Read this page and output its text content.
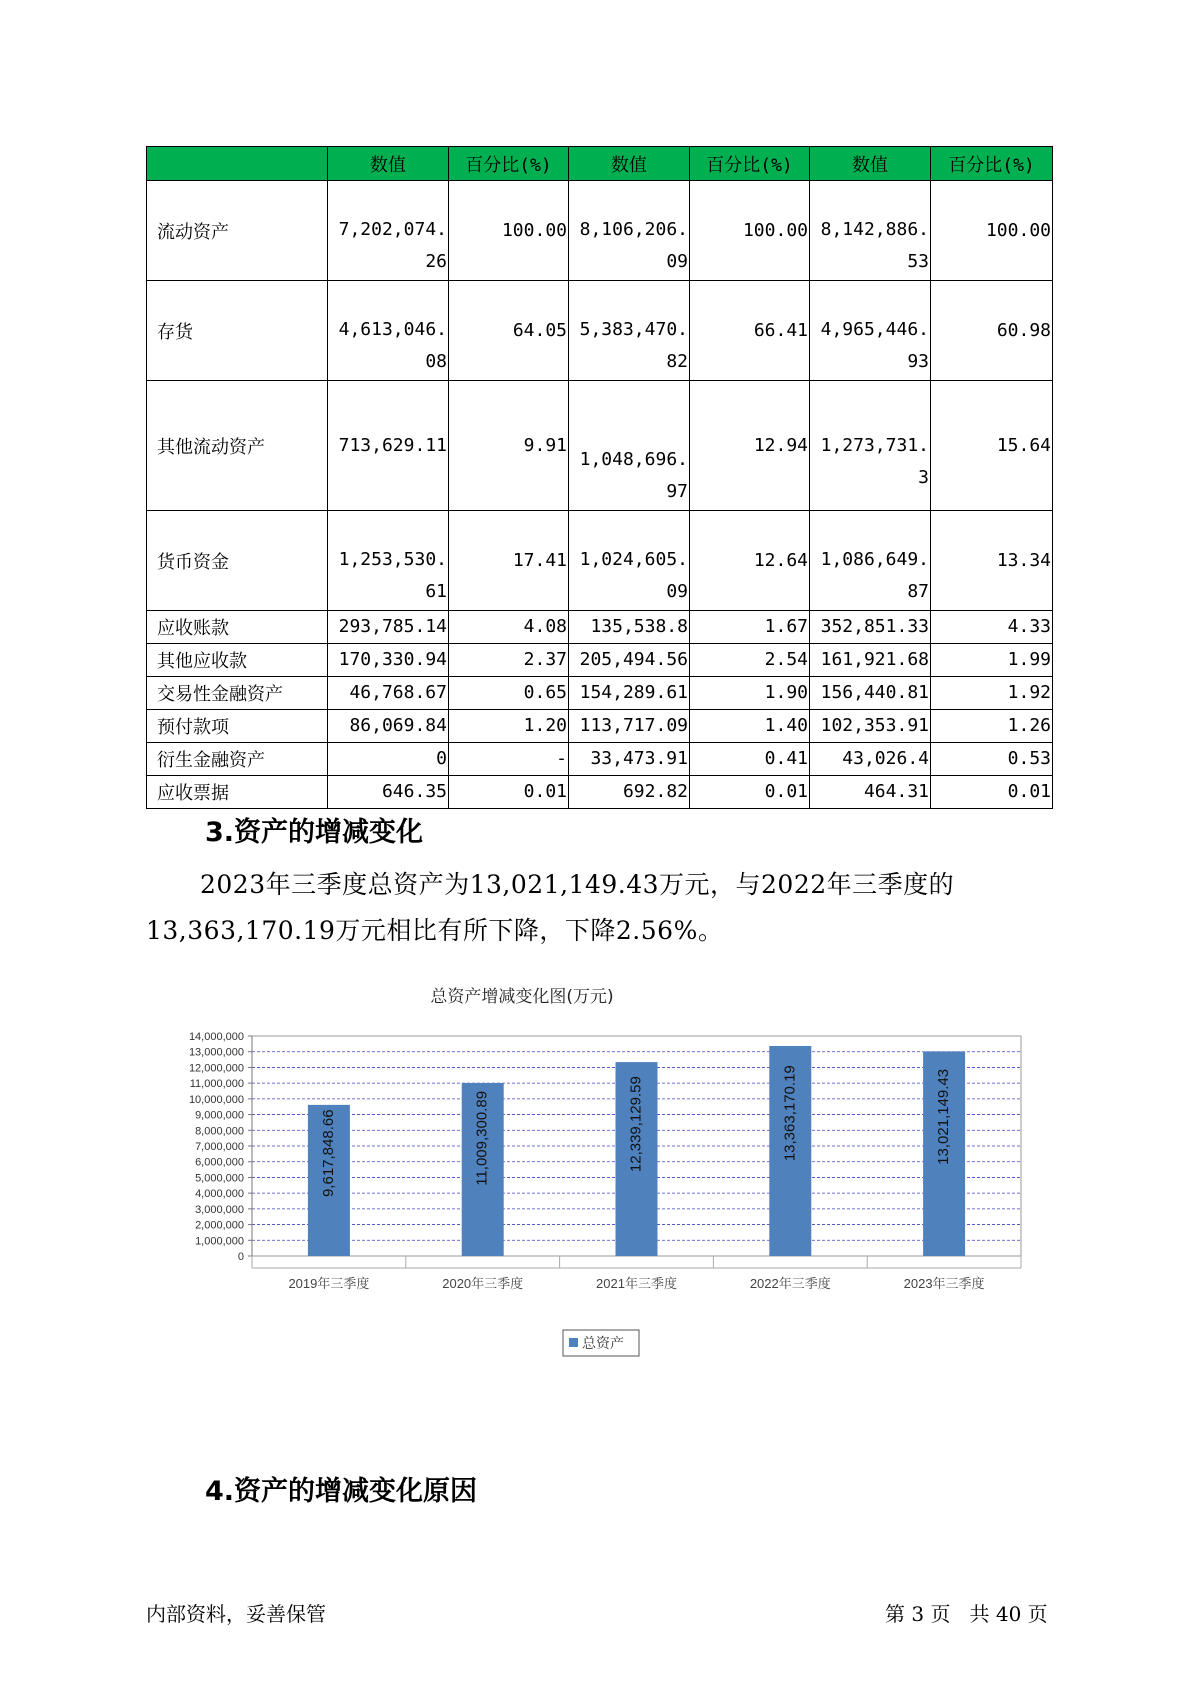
	数值	百分比(%)	数值	百分比(%)	数值	百分比(%)
流动资产	7,202,074.26	100.00	8,106,206.09	100.00	8,142,886.53	100.00
存货	4,613,046.08	64.05	5,383,470.82	66.41	4,965,446.93	60.98
其他流动资产	713,629.11	9.91	1,048,696.97	12.94	1,273,731.3	15.64
货币资金	1,253,530.61	17.41	1,024,605.09	12.64	1,086,649.87	13.34
应收账款	293,785.14	4.08	135,538.8	1.67	352,851.33	4.33
其他应收款	170,330.94	2.37	205,494.56	2.54	161,921.68	1.99
交易性金融资产	46,768.67	0.65	154,289.61	1.90	156,440.81	1.92
预付款项	86,069.84	1.20	113,717.09	1.40	102,353.91	1.26
衍生金融资产	0	-	33,473.91	0.41	43,026.4	0.53
应收票据	646.35	0.01	692.82	0.01	464.31	0.01
3.资产的增减变化
2023年三季度总资产为13,021,149.43万元，与2022年三季度的13,363,170.19万元相比有所下降，下降2.56%。
总资产增减变化图(万元)
0
1,000,000
2,000,000
3,000,000
4,000,000
5,000,000
6,000,000
7,000,000
8,000,000
9,000,000
10,000,000
11,000,000
12,000,000
13,000,000
14,000,000
9,617,848.66	11,009,300.89	12,339,129.59	13,363,170.19	13,021,149.43
2019年三季度	2020年三季度	2021年三季度	2022年三季度	2023年三季度
总资产
4.资产的增减变化原因
内部资料，妥善保管	第 3 页   共 40 页
